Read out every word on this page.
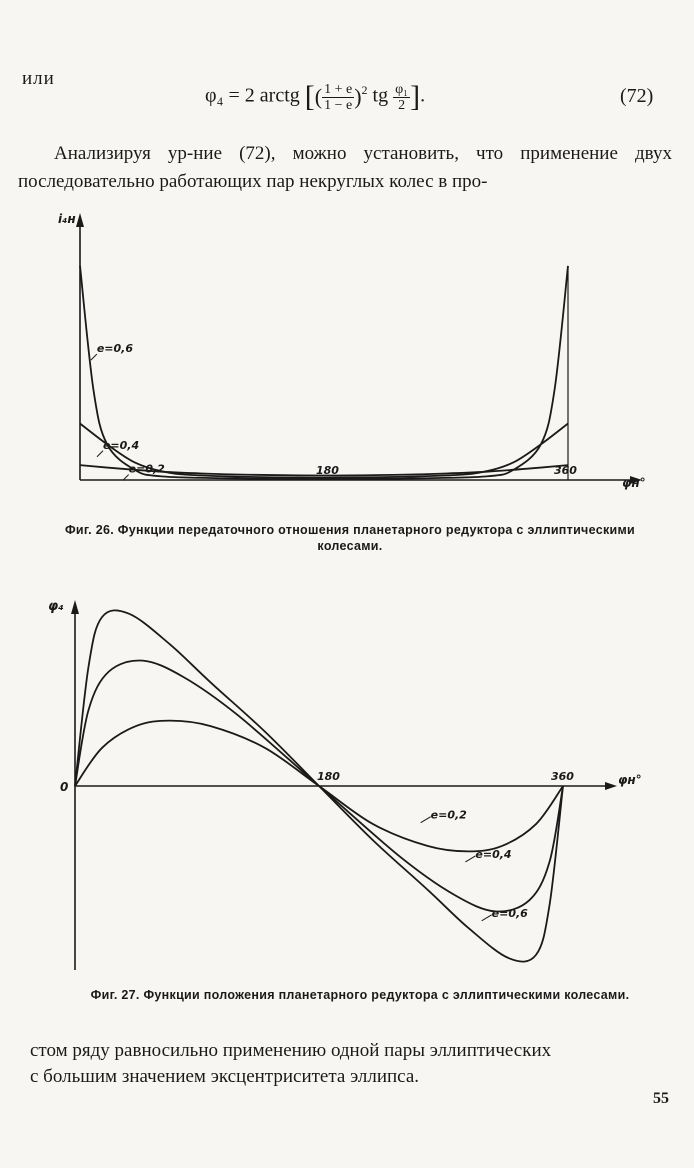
или
φ₄ = 2 arctg [( $\frac{1 + e}{1 - e} )^2$ tg $\frac{\text{φ₁}}{2}$ ].	(72)
Анализируя ур-ние (72), можно установить, что применение двух последовательно работающих пар некруглых колес в про-
i₄н
φн°
180	360
e=0,6
e=0,4
e=0,2
Фиг. 26. Функции передаточного отношения планетарного редуктора с эллиптическими колесами.
φ₄
φн°
0
180	360
e=0,6
e=0,4
e=0,2
Фиг. 27. Функции положения планетарного редуктора с эллиптическими колесами.
стом ряду равносильно применению одной пары эллиптических
с большим значением эксцентриситета эллипса.
55
